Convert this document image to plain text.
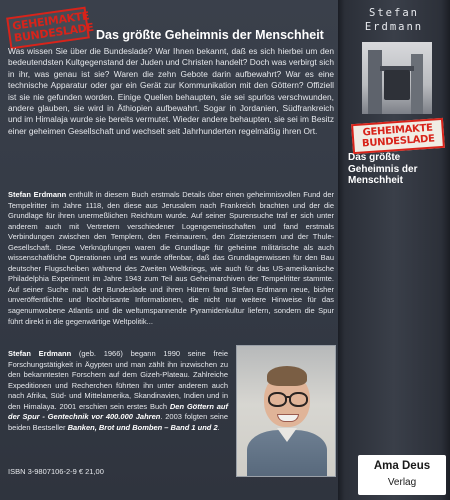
GEHEIMAKTE BUNDESLADE Das größte Geheimnis der Menschheit
Was wissen Sie über die Bundeslade? War Ihnen bekannt, daß es sich hierbei um den bedeutendsten Kultgegenstand der Juden und Christen handelt? Doch was verbirgt sich in ihr, was genau ist sie? Waren die zehn Gebote darin aufbewahrt? War es eine technische Apparatur oder gar ein Gerät zur Kommunikation mit den Göttern? Offiziell ist sie nie gefunden worden. Einige Quellen behaupten, sie sei spurlos verschwunden, andere glauben, sie wird in Äthiopien aufbewahrt. Sogar in Jordanien, Südfrankreich und im Himalaja wurde sie bereits vermutet. Wieder andere behaupten, sie sei im Besitz einer geheimen Gesellschaft und wechselt seit Jahrhunderten regelmäßig ihren Ort.
Stefan Erdmann enthüllt in diesem Buch erstmals Details über einen geheimnisvollen Fund der Tempelritter im Jahre 1118, den diese aus Jerusalem nach Frankreich brachten und der die Grundlage für ihren unermeßlichen Reichtum wurde. Auf seiner Spurensuche traf er sich unter anderem auch mit Vertretern verschiedener Logengemeinschaften und fand erstmals Verbindungen zwischen den Templern, den Freimaurern, den Zisterziensern und der Thule-Gesellschaft. Diese Verknüpfungen waren die Grundlage für geheime militärische als auch wissenschaftliche Operationen und es wurde offenbar, daß das Grundlagenwissen für den Bau deutscher Flugscheiben während des Zweiten Weltkriegs, wie auch für das US-amerikanische Philadelphia Experiment im Jahre 1943 zum Teil aus Geheimarchiven der Tempelritter stammte. Auf seiner Suche nach der Bundeslade und ihren Hütern fand Stefan Erdmann neue, bisher unveröffentlichte und hochbrisante Informationen, die nicht nur weitere Hinweise für das sagenumwobene Atlantis und die weltumspannende Pyramidenkultur liefern, sondern die Spur führt direkt in die gegenwärtige Weltpolitik...
Stefan Erdmann (geb. 1966) begann 1990 seine freie Forschungstätigkeit in Ägypten und man zählt ihn inzwischen zu den bekanntesten Forschern auf dem Gizeh-Plateau. Zahlreiche Expeditionen und Recherchen führten ihn unter anderem auch nach Afrika, Süd- und Mittelamerika, Skandinavien, Indien und in den Himalaya. 2001 erschien sein erstes Buch Den Göttern auf der Spur - Gentechnik vor 400.000 Jahren. 2003 folgten seine beiden Bestseller Banken, Brot und Bomben – Band 1 und 2.
ISBN 3-9807106-2-9 € 21,00
Stefan Erdmann
GEHEIMAKTE BUNDESLADE
Das größte Geheimnis der Menschheit
Ama Deus
Verlag
